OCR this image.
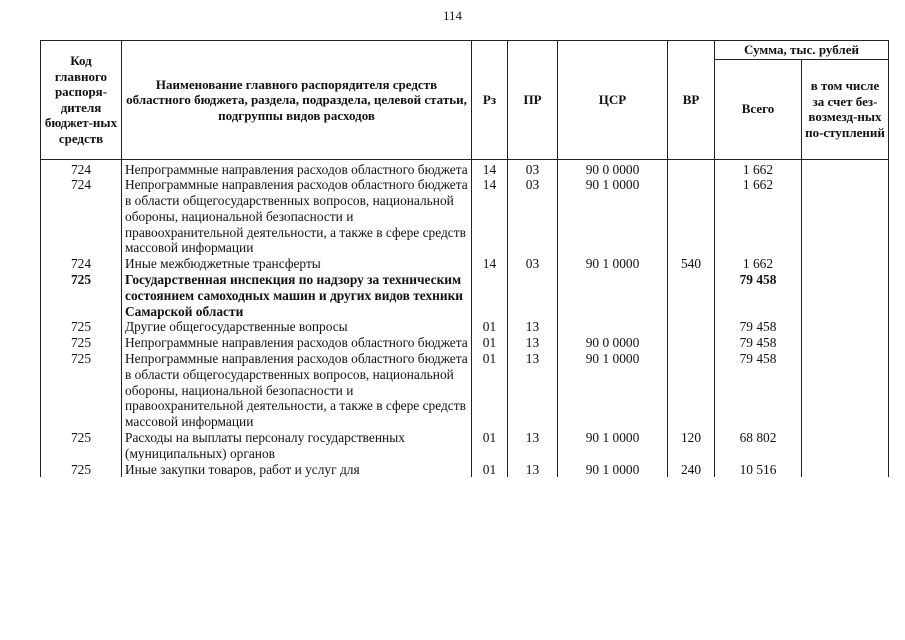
114
Код главного распоря-дителя бюджет-ных средств	Наименование главного распорядителя средств областного бюджета, раздела, подраздела, целевой статьи, подгруппы видов расходов	Рз	ПР	ЦСР	ВР	Сумма, тыс. рублей	
						Всего	в том числе за счет без-возмезд-ных по-ступлений
724	Непрограммные направления расходов областного бюджета	14	03	90 0 0000		1 662	
724	Непрограммные направления расходов областного бюджета в области общегосударственных вопросов, национальной обороны, национальной безопасности и правоохранительной деятельности, а также в сфере средств массовой информации	14	03	90 1 0000		1 662	
724	Иные межбюджетные трансферты	14	03	90 1 0000	540	1 662	
725	Государственная инспекция по надзору за техническим состоянием самоходных машин и других видов техники Самарской области					79 458	
725	Другие общегосударственные вопросы	01	13			79 458	
725	Непрограммные направления расходов областного бюджета	01	13	90 0 0000		79 458	
725	Непрограммные направления расходов областного бюджета в области общегосударственных вопросов, национальной обороны, национальной безопасности и правоохранительной деятельности, а также в сфере средств массовой информации	01	13	90 1 0000		79 458	
725	Расходы на выплаты персоналу государственных (муниципальных) органов	01	13	90 1 0000	120	68 802	
725	Иные закупки товаров, работ и услуг для	01	13	90 1 0000	240	10 516	
